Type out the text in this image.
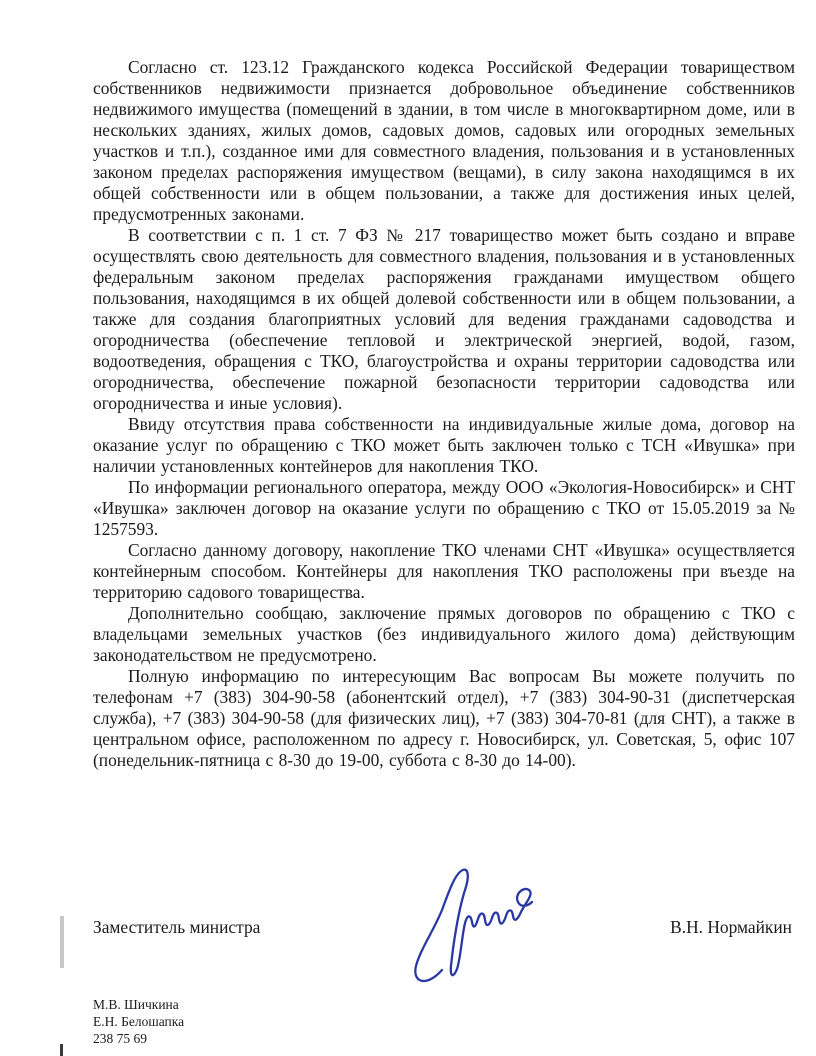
Согласно ст. 123.12 Гражданского кодекса Российской Федерации товариществом собственников недвижимости признается добровольное объединение собственников недвижимого имущества (помещений в здании, в том числе в многоквартирном доме, или в нескольких зданиях, жилых домов, садовых домов, садовых или огородных земельных участков и т.п.), созданное ими для совместного владения, пользования и в установленных законом пределах распоряжения имуществом (вещами), в силу закона находящимся в их общей собственности или в общем пользовании, а также для достижения иных целей, предусмотренных законами.

В соответствии с п. 1 ст. 7 ФЗ № 217 товарищество может быть создано и вправе осуществлять свою деятельность для совместного владения, пользования и в установленных федеральным законом пределах распоряжения гражданами имуществом общего пользования, находящимся в их общей долевой собственности или в общем пользовании, а также для создания благоприятных условий для ведения гражданами садоводства и огородничества (обеспечение тепловой и электрической энергией, водой, газом, водоотведения, обращения с ТКО, благоустройства и охраны территории садоводства или огородничества, обеспечение пожарной безопасности территории садоводства или огородничества и иные условия).

Ввиду отсутствия права собственности на индивидуальные жилые дома, договор на оказание услуг по обращению с ТКО может быть заключен только с ТСН «Ивушка» при наличии установленных контейнеров для накопления ТКО.

По информации регионального оператора, между ООО «Экология-Новосибирск» и СНТ «Ивушка» заключен договор на оказание услуги по обращению с ТКО от 15.05.2019 за № 1257593.

Согласно данному договору, накопление ТКО членами СНТ «Ивушка» осуществляется контейнерным способом. Контейнеры для накопления ТКО расположены при въезде на территорию садового товарищества.

Дополнительно сообщаю, заключение прямых договоров по обращению с ТКО с владельцами земельных участков (без индивидуального жилого дома) действующим законодательством не предусмотрено.

Полную информацию по интересующим Вас вопросам Вы можете получить по телефонам +7 (383) 304-90-58 (абонентский отдел), +7 (383) 304-90-31 (диспетчерская служба), +7 (383) 304-90-58 (для физических лиц), +7 (383) 304-70-81 (для СНТ), а также в центральном офисе, расположенном по адресу г. Новосибирск, ул. Советская, 5, офис 107 (понедельник-пятница с 8-30 до 19-00, суббота с 8-30 до 14-00).

Заместитель министра	В.Н. Нормайкин
М.В. Шичкина
Е.Н. Белошапка
238 75 69
